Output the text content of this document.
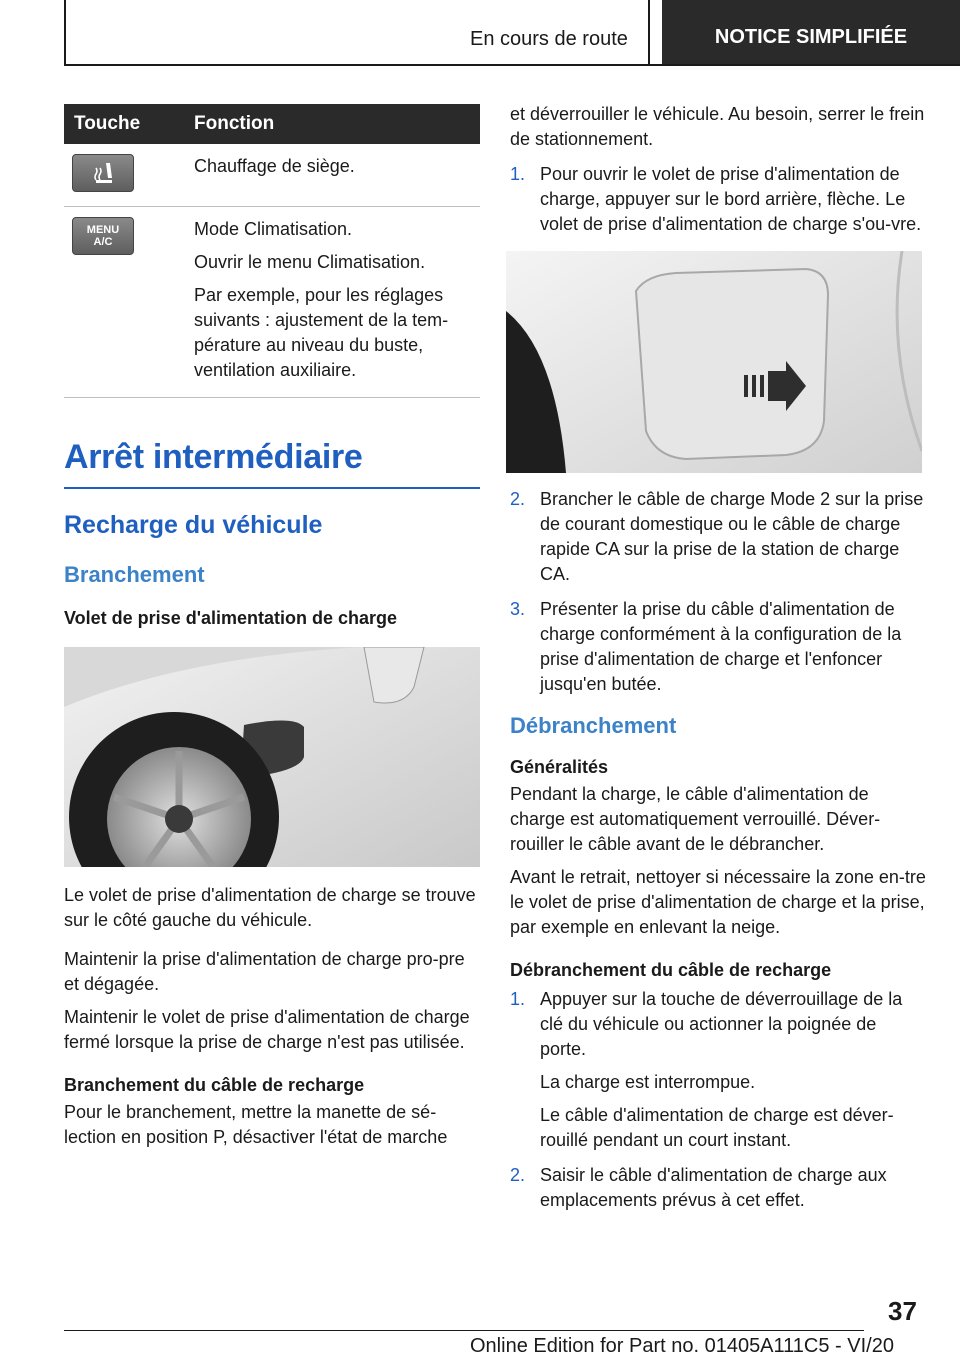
En cours de route	NOTICE SIMPLIFIÉE
Touche	Fonction

Chauffage de siège.

MENU A/C

Mode Climatisation.

Ouvrir le menu Climatisation.

Par exemple, pour les réglages suivants : ajustement de la tem-pérature au niveau du buste, ventilation auxiliaire.

Arrêt intermédiaire
Recharge du véhicule
Branchement
Volet de prise d'alimentation de charge

Le volet de prise d'alimentation de charge se trouve sur le côté gauche du véhicule.

Maintenir la prise d'alimentation de charge pro-pre et dégagée.

Maintenir le volet de prise d'alimentation de charge fermé lorsque la prise de charge n'est pas utilisée.

Branchement du câble de recharge

Pour le branchement, mettre la manette de sé-lection en position P, désactiver l'état de marche

et déverrouiller le véhicule. Au besoin, serrer le frein de stationnement.

1. Pour ouvrir le volet de prise d'alimentation de charge, appuyer sur le bord arrière, flèche. Le volet de prise d'alimentation de charge s'ou-vre.
2. Brancher le câble de charge Mode 2 sur la prise de courant domestique ou le câble de charge rapide CA sur la prise de la station de charge CA.
3. Présenter la prise du câble d'alimentation de charge conformément à la configuration de la prise d'alimentation de charge et l'enfoncer jusqu'en butée.
Débranchement
Généralités

Pendant la charge, le câble d'alimentation de charge est automatiquement verrouillé. Déver-rouiller le câble avant de le débrancher.

Avant le retrait, nettoyer si nécessaire la zone en-tre le volet de prise d'alimentation de charge et la prise, par exemple en enlevant la neige.

Débranchement du câble de recharge
1. Appuyer sur la touche de déverrouillage de la clé du véhicule ou actionner la poignée de porte.

La charge est interrompue.

Le câble d'alimentation de charge est déver-rouillé pendant un court instant.

2. Saisir le câble d'alimentation de charge aux emplacements prévus à cet effet.
37
Online Edition for Part no. 01405A111C5 - VI/20
